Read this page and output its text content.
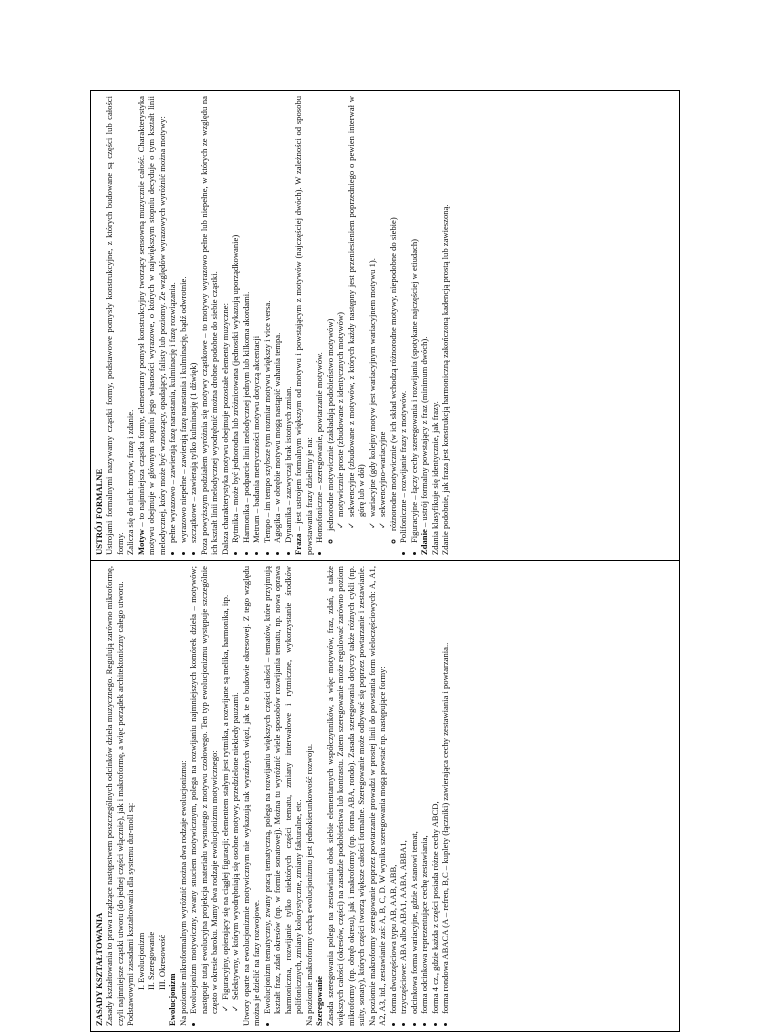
ZASADY KSZTAŁTOWANIA Zasady kształtowania to prawa rządzące następstwem poszczególnych odcinków dzieła muzycznego. Regulują zarówno mikroformę, czyli najmniejsze cząstki utworu (do jednej części włącznie), jak i makroformę, a więc porządek architektoniczny całego utworu. Podstawowymi zasadami kształtowania dla systemu dur-moll są: I. Ewolucjonizm II. Szeregowanie III. Okresowość

Ewolucjonizm Na poziomie mikroformalnym wyróżnić można dwa rodzaje ewolucjonizmu: • Ewolucjonizm motywiczny, zwany snuciem motywicznym, polega na rozwijaniu najmniejszych komórek dzieła – motywów; następuje tutaj ewolucyjna projekcja materiału wysnutego z motywu czołowego. Ten typ ewolucjonizmu występuje szczególnie często w okresie baroku. Mamy dwa rodzaje ewolucjonizmu motywicznego: ✓ Figuracyjny, opierający się na ciągłej figuracji; elementem stałym jest rytmika, a rozwijane są melika, harmonika, itp. ✓ Selektywny, w którym wyodrębniają się osobne motywy, przedzielone niekiedy pauzami. Utwory oparte na ewolucjonizmie motywicznym nie wykazują tak wyraźnych więzi, jak te o budowie okresowej. Z tego względu można je dzielić na fazy rozwojowe. • Ewolucjonizm tematyczny, zwany pracą tematyczną, polega na rozwijaniu większych części całości – tematów, które przyjmują kształt fraz, zdań okresów (np. w formie sonatowej). Można tu wyróżnić wiele sposobów rozwijania tematu, np. nowa oprawa harmoniczna, rozwijanie tylko niektórych części tematu, zmiany interwałowe i rytmiczne, wykorzystanie środków polifonicznych, zmiany kolorystyczne, zmiany fakturalne, etc. Na poziomie makroformy cechą ewolucjonizmu jest jednokierunkowość rozwoju. Szeregowanie Zasada szeregowania polega na zestawianiu obok siebie elementarnych współczynników, a więc motywów, fraz, zdań, a także większych całości (okresów, części) na zasadzie podobieństwa lub kontrastu. Zatem szeregowanie może regulować zarówno poziom mikroformy (np. obręb okresu), jak i makroformy (np. forma ABA, rondo). Zasada szeregowania dotyczy także różnych cykli (np. suity, sonaty), których części tworzą większe całości formalne. Szeregowanie może odbywać się poprzez powtarzanie i zestawianie. Na poziomie makroformy szeregowanie poprzez powtarzanie prowadzi w prostej linii do powstania form wieloczęściowych: A, A1, A2, A3, itd., zestawianie zaś: A, B, C, D. W wyniku szeregowania mogą powstać np. następujące formy: • forma dwuczęściowa typu AB, AAB, ABB, • trzyczęściowe: ABA albo ABA1, AABA, ABBA1, • odcinkowa forma wariacyjne, gdzie A stanowi temat, • forma odcinkowa reprezentujące cechę zestawiania, • forma 4 cz., gdzie każda z części posiada różne cechy ABCD, • forma rondowa ABACA (A – refren, B,C – kuplety (łączniki) zawierająca cechy zestawiania i powtarzania..

USTRÓJ FORMALNE Ustrojami formalnymi nazywamy cząstki formy, podstawowe pomysły konstrukcyjne, z których budowane są części lub całości formy. Zalicza się do nich: motyw, frazę i zdanie. Motyw – to najmniejsza cząstka formy, elementarny pomysł konstrukcyjny tworzący sensowną muzycznie całość. Charakterystyka motywu obejmuje w głównym stopniu jego własności wyrazowe, o których w największym stopniu decyduje o tym kształt linii melodycznej, który może być wznoszący, opadający, falisty lub poziomy. Ze względów wyrazowych wyróżnić można motywy: • pełne wyrazowo – zawierają fazę narastania, kulminację i fazę rozwiązania. • wyrazowo niepełne – zawierają fazę narastania i kulminację, bądź odwrotnie. • szczątkowe – zawierają tylko kulminację (1 dźwięk) Poza powyższym podziałem wyróżnia się motywy cząstkowe – to motywy wyrazowo pełne lub niepełne, w których ze względu na ich kształt linii melodycznej wyodrębnić można drobne podobne do siebie cząstki. Dalsza charakterystyka motywu obejmuje pozostałe elementy muzyczne: • Rytmika – może być jednorodna lub zróżnicowana (jednostki wykazują uporządkowanie) • Harmonika – podparcie linii melodycznej jednym lub kilkoma akordami. • Metrum – badania metryczności motywu dotyczą akcentacji • Tempo – im tempo szybsze tym rozmiar motywu większy i vice versa. • Agogika – w obrębie motywu mogą nastąpić wahania tempa. • Dynamika – zazwyczaj brak istotnych zmian.

Fraza – jest ustrojem formalnym większym od motywu i powstającym z motywów (najczęściej dwóch). W zależności od sposobu powstawania frazy dzielimy je na: • Homofoniczne – szeregowanie, powtarzanie motywów. ◦ jednorodne motywicznie (zakładają podobieństwo motywów) ✓ motywicznie proste (zbudowane z identycznych motywów) ✓ sekwencyjne (zbudowane z motywów, z których każdy następny jest przeniesieniem poprzedniego o pewien interwał w górę lub w dół) ✓ wariacyjne (gdy kolejny motyw jest wariacyjnym wariacyjnem motywu 1). ✓ sekwencyjno-wariacyjne ◦ różnorodne motywicznie (w ich skład wchodzą różnorodne motywy, niepodobne do siebie) • Polifoniczne – rozwijanie frazy z motywów. • Figuracyjne – łączy cechy szeregowania i rozwijania (spotykane najczęściej w etiudach) Zdanie – ustrój formalny powstający z fraz (minimum dwóch). Zdania klasyfikuje się identycznie, jak frazy. Zdanie podobnie, jak fraza jest konstrukcją harmoniczną zakończoną kadencją prostą lub zawieszoną.
